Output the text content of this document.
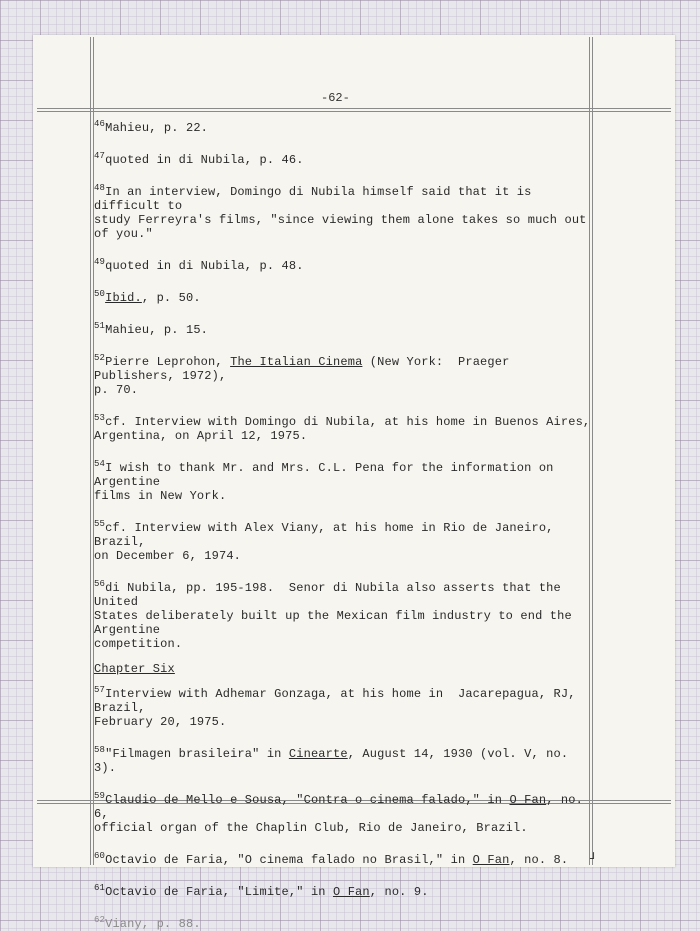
-62-

$^{46}$Mahieu, p. 22.

$^{47}$quoted in di Nubila, p. 46.

$^{48}$In an interview, Domingo di Nubila himself said that it is difficult to
study Ferreyra's films, "since viewing them alone takes so much out of you."

$^{49}$quoted in di Nubila, p. 48.

$^{50}$Ibid., p. 50.

$^{51}$Mahieu, p. 15.

$^{52}$Pierre Leprohon, The Italian Cinema (New York:  Praeger Publishers, 1972),
p. 70.

$^{53}$cf. Interview with Domingo di Nubila, at his home in Buenos Aires,
Argentina, on April 12, 1975.

$^{54}$I wish to thank Mr. and Mrs. C.L. Pena for the information on Argentine
films in New York.

$^{55}$cf. Interview with Alex Viany, at his home in Rio de Janeiro, Brazil,
on December 6, 1974.

$^{56}$di Nubila, pp. 195-198.  Senor di Nubila also asserts that the United
States deliberately built up the Mexican film industry to end the Argentine
competition.

Chapter Six

$^{57}$Interview with Adhemar Gonzaga, at his home in  Jacarepagua, RJ, Brazil,
February 20, 1975.

$^{58}$"Filmagen brasileira" in Cinearte, August 14, 1930 (vol. V, no. 3).

$^{59}$Claudio de Mello e Sousa, "Contra o cinema falado," in O Fan, no. 6,
official organ of the Chaplin Club, Rio de Janeiro, Brazil.

$^{60}$Octavio de Faria, "O cinema falado no Brasil," in O Fan, no. 8.

$^{61}$Octavio de Faria, "Limite," in O Fan, no. 9.

$^{62}$Viany, p. 88.

┘
